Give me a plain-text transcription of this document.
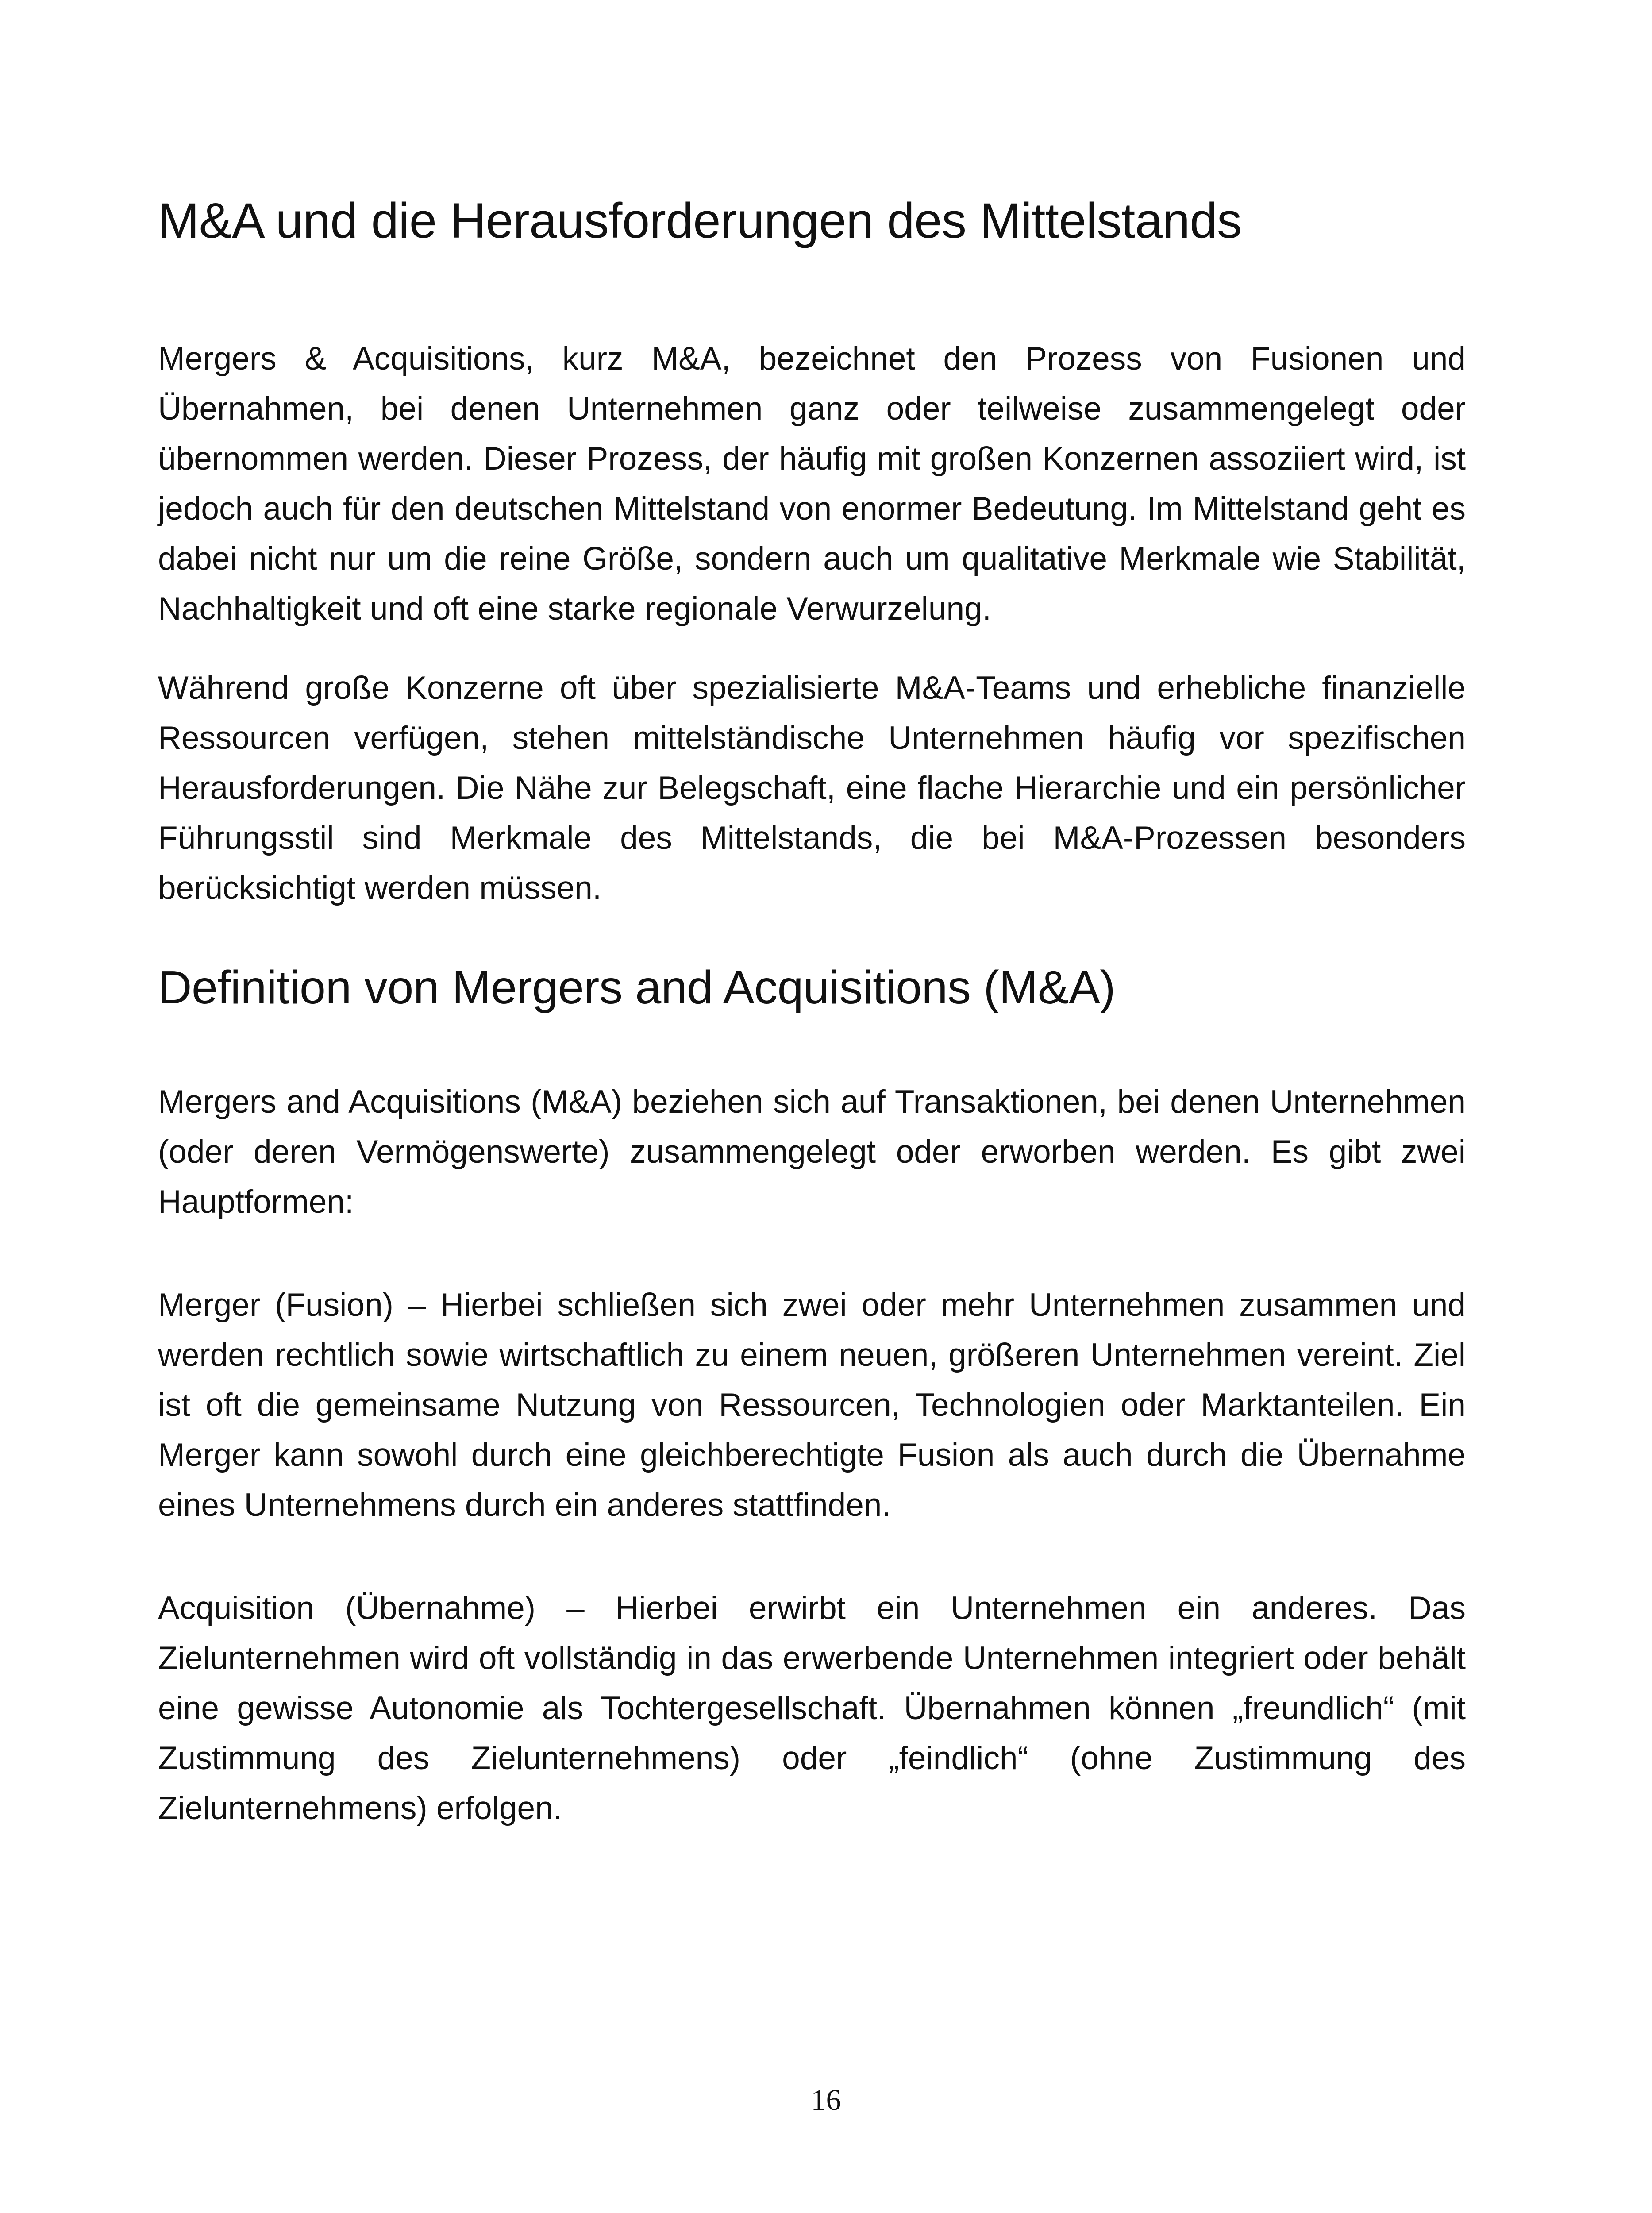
M&A und die Herausforderungen des Mittelstands

Mergers & Acquisitions, kurz M&A, bezeichnet den Prozess von Fusionen und Übernahmen, bei denen Unternehmen ganz oder teilweise zusammengelegt oder übernommen werden. Dieser Prozess, der häufig mit großen Konzernen assoziiert wird, ist jedoch auch für den deutschen Mittelstand von enormer Bedeutung. Im Mittelstand geht es dabei nicht nur um die reine Größe, sondern auch um qualitative Merkmale wie Stabilität, Nachhaltigkeit und oft eine starke regionale Verwurzelung.

Während große Konzerne oft über spezialisierte M&A-Teams und erhebliche finanzielle Ressourcen verfügen, stehen mittelständische Unternehmen häufig vor spezifischen Herausforderungen. Die Nähe zur Belegschaft, eine flache Hierarchie und ein persönlicher Führungsstil sind Merkmale des Mittelstands, die bei M&A-Prozessen besonders berücksichtigt werden müssen.

Definition von Mergers and Acquisitions (M&A)

Mergers and Acquisitions (M&A) beziehen sich auf Transaktionen, bei denen Unternehmen (oder deren Vermögenswerte) zusammengelegt oder erworben werden. Es gibt zwei Hauptformen:

Merger (Fusion) – Hierbei schließen sich zwei oder mehr Unternehmen zusammen und werden rechtlich sowie wirtschaftlich zu einem neuen, größeren Unternehmen vereint. Ziel ist oft die gemeinsame Nutzung von Ressourcen, Technologien oder Marktanteilen. Ein Merger kann sowohl durch eine gleichberechtigte Fusion als auch durch die Übernahme eines Unternehmens durch ein anderes stattfinden.

Acquisition (Übernahme) – Hierbei erwirbt ein Unternehmen ein anderes. Das Zielunternehmen wird oft vollständig in das erwerbende Unternehmen integriert oder behält eine gewisse Autonomie als Tochtergesellschaft. Übernahmen können „freundlich“ (mit Zustimmung des Zielunternehmens) oder „feindlich“ (ohne Zustimmung des Zielunternehmens) erfolgen.

16
